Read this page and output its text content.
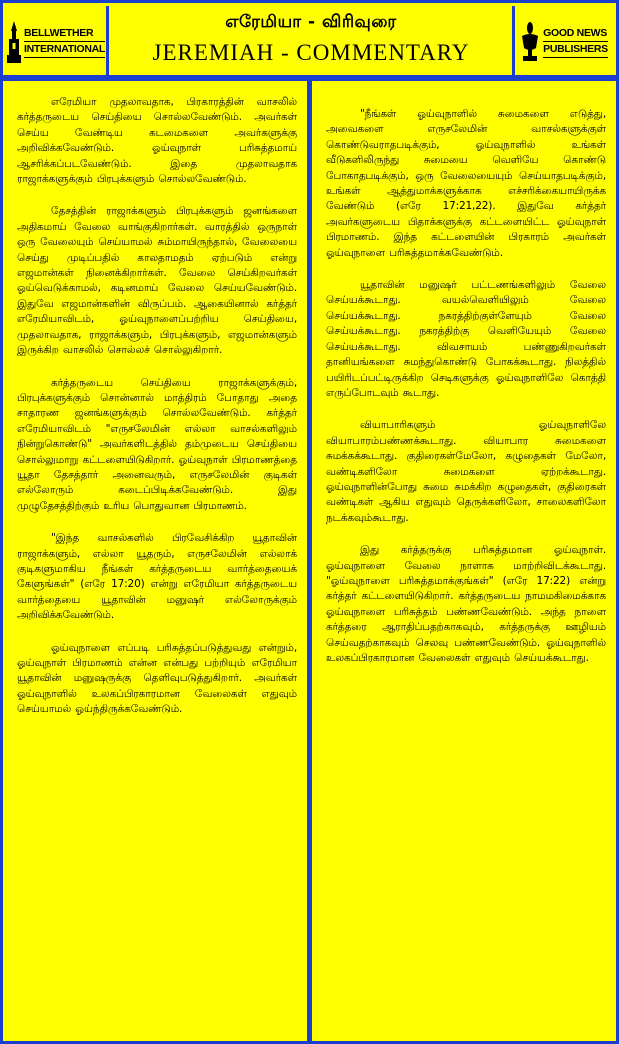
BELLWETHER
INTERNATIONAL
எரேமியா - விரிவுரை
JEREMIAH - COMMENTARY
GOOD NEWS
PUBLISHERS

எரேமியா முதலாவதாக, பிரகாரத்தின் வாசலில் கர்த்தருடைய செய்தியை சொல்லவேண்டும். அவர்கள் செய்ய வேண்டிய கடமைகளை அவர்களுக்கு அறிவிக்கவேண்டும். ஓய்வுநாள் பரிசுத்தமாய் ஆசரிக்கப்படவேண்டும். இதை முதலாவதாக ராஜாக்களுக்கும் பிரபுக்களும் சொல்லவேண்டும்.

தேசத்தின் ராஜாக்களும் பிரபுக்களும் ஜனங்களை அதிகமாய் வேலை வாங்குகிறார்கள். வாரத்தில் ஒருநாள் ஒரு வேலையும் செய்யாமல் சும்மாயிருந்தால், வேலையை செய்து முடிப்பதில் காலதாமதம் ஏற்படும் என்று எஜமான்கள் நினைக்கிறார்கள். வேலை செய்கிறவர்கள் ஓய்வெடுக்காமல், கடினமாய் வேலை செய்யவேண்டும். இதுவே எஜமான்களின் விருப்பம். ஆகையினால் கர்த்தர் எரேமியாவிடம், ஓய்வுநாளைப்பற்றிய செய்தியை, முதலாவதாக, ராஜாக்களும், பிரபுக்களும், எஜமான்களும் இருக்கிற வாசலில் சொல்லச் சொல்லுகிறார்.

கர்த்தருடைய செய்தியை ராஜாக்களுக்கும், பிரபுக்களுக்கும் சொன்னால் மாத்திரம் போதாது அதை சாதாரண ஜனங்களுக்கும் சொல்லவேண்டும். கர்த்தர் எரேமியாவிடம் "எருசலேமின் எல்லா வாசல்களிலும் நின்றுகொண்டு" அவர்களிடத்தில் தம்முடைய செய்தியை சொல்லுமாறு கட்டளையிடுகிறார். ஓய்வுநாள் பிரமாணத்தை யூதா தேசத்தார் அனைவரும், எருசலேமின் குடிகள் எல்லோரும் கடைப்பிடிக்கவேண்டும். இது முழுதேசத்திற்கும் உரிய பொதுவான பிரமாணம்.

"இந்த வாசல்களில் பிரவேசிக்கிற யூதாவின் ராஜாக்களும், எல்லா யூதரும், எருசலேமின் எல்லாக் குடிகளுமாகிய நீங்கள் கர்த்தருடைய வார்த்தையைக் கேளுங்கள்" (எரே 17:20) என்று எரேமியா கர்த்தருடைய வார்த்தையை யூதாவின் மனுஷர் எல்லோருக்கும் அறிவிக்கவேண்டும்.

ஓய்வுநாளை எப்படி பரிசுத்தப்படுத்துவது என்றும், ஓய்வுநாள் பிரமாணம் என்ன என்பது பற்றியும் எரேமியா யூதாவின் மனுஷருக்கு தெளிவுபடுத்துகிறார். அவர்கள் ஓய்வுநாளில் உலகப்பிரகாரமான வேலைகள் எதுவும் செய்யாமல் ஓய்ந்திருக்கவேண்டும்.

"நீங்கள் ஓய்வுநாளில் சுமைகளை எடுத்து, அவைகளை எருசலேமின் வாசல்களுக்குள் கொண்டுவராதபடிக்கும், ஓய்வுநாளில் உங்கள் வீடுகளிலிருந்து சுமையை வெளியே கொண்டு போகாதபடிக்கும், ஒரு வேலையையும் செய்யாதபடிக்கும், உங்கள் ஆத்துமாக்களுக்காக எச்சரிக்கையாயிருக்க வேண்டும் (எரே 17:21,22). இதுவே கர்த்தர் அவர்களுடைய பிதாக்களுக்கு கட்டளையிட்ட ஓய்வுநாள் பிரமாணம். இந்த கட்டளையின் பிரகாரம் அவர்கள் ஓய்வுநாளை பரிசுத்தமாக்கவேண்டும்.

யூதாவின் மனுஷர் பட்டணங்களிலும் வேலை செய்யக்கூடாது. வயல்வெளியிலும் வேலை செய்யக்கூடாது. நகரத்திற்குள்ளேயும் வேலை செய்யக்கூடாது. நகரத்திற்கு வெளியேயும் வேலை செய்யக்கூடாது. விவசாயம் பண்ணுகிறவர்கள் தானியங்களை சுமந்துகொண்டு போகக்கூடாது. நிலத்தில் பயிரிடப்பட்டிருக்கிற செடிகளுக்கு ஓய்வுநாளிலே கொத்தி எருப்போடவும் கூடாது.

வியாபாரிகளும் ஓய்வுநாளிலே வியாபாரம்பண்ணக்கூடாது. வியாபார சுமைகளை சுமக்கக்கூடாது. குதிரைகள்மேலோ, கழுதைகள் மேலோ, வண்டிகளிலோ சுமைகளை ஏற்றக்கூடாது. ஓய்வுநாளின்போது சுமை சுமக்கிற கழுதைகள், குதிரைகள் வண்டிகள் ஆகிய எதுவும் தெருக்களிலோ, சாலைகளிலோ நடக்கவும்கூடாது.

இது கர்த்தருக்கு பரிசுத்தமான ஓய்வுநாள். ஓய்வுநாளை வேலை நாளாக மாற்றிவிடக்கூடாது. "ஓய்வுநாளை பரிசுத்தமாக்குங்கள்" (எரே 17:22) என்று கர்த்தர் கட்டளையிடுகிறார். கர்த்தருடைய நாமமகிமைக்காக ஓய்வுநாளை பரிசுத்தம் பண்ணவேண்டும். அந்த நாளை கர்த்தரை ஆராதிப்பதற்காகவும், கர்த்தருக்கு ஊழியம் செய்வதற்காகவும் செலவு பண்ணவேண்டும். ஓய்வுநாளில் உலகப்பிரகாரமான வேலைகள் எதுவும் செய்யக்கூடாது.
